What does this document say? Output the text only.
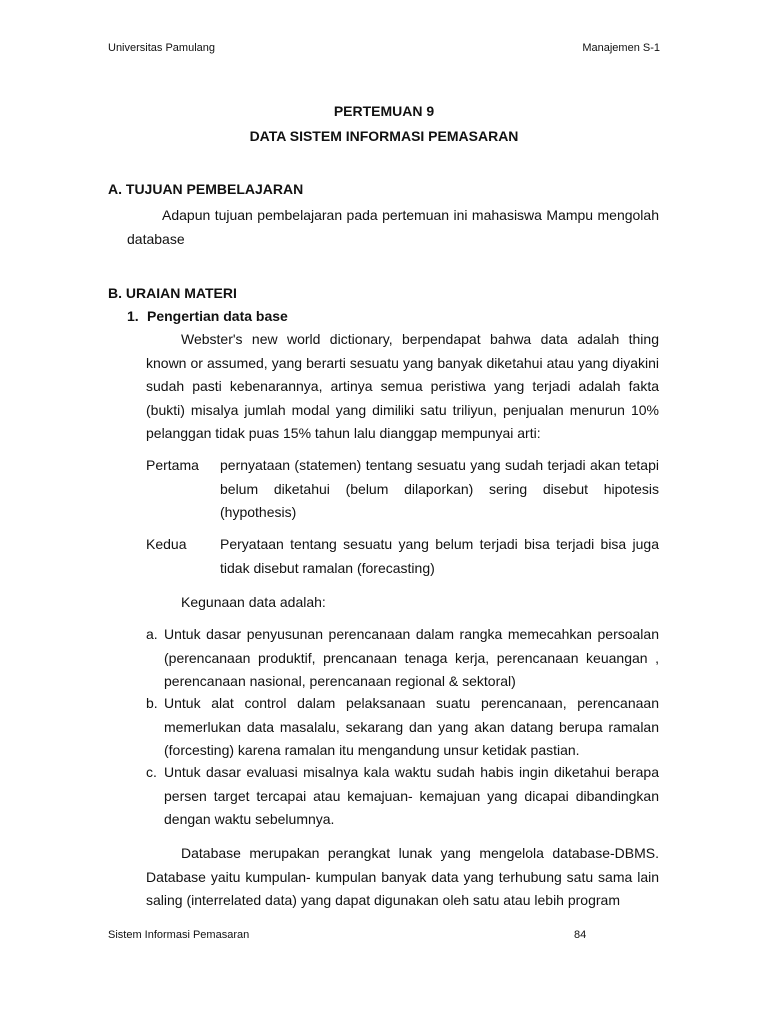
Universitas Pamulang	Manajemen S-1
PERTEMUAN 9
DATA SISTEM INFORMASI PEMASARAN
A. TUJUAN PEMBELAJARAN
Adapun tujuan pembelajaran pada pertemuan ini mahasiswa Mampu mengolah database
B. URAIAN MATERI
1. Pengertian data base
Webster's new world dictionary, berpendapat bahwa data adalah thing known or assumed, yang berarti sesuatu yang banyak diketahui atau yang diyakini sudah pasti kebenarannya, artinya semua peristiwa yang terjadi adalah fakta (bukti) misalya jumlah modal yang dimiliki satu triliyun, penjualan menurun 10% pelanggan tidak puas 15% tahun lalu dianggap mempunyai arti:
Pertama pernyataan (statemen) tentang sesuatu yang sudah terjadi akan tetapi belum diketahui (belum dilaporkan) sering disebut hipotesis (hypothesis)
Kedua Peryataan tentang sesuatu yang belum terjadi bisa terjadi bisa juga tidak disebut ramalan (forecasting)
Kegunaan data adalah:
a. Untuk dasar penyusunan perencanaan dalam rangka memecahkan persoalan (perencanaan produktif, prencanaan tenaga kerja, perencanaan keuangan , perencanaan nasional, perencanaan regional & sektoral)
b. Untuk alat control dalam pelaksanaan suatu perencanaan, perencanaan memerlukan data masalalu, sekarang dan yang akan datang berupa ramalan (forcesting) karena ramalan itu mengandung unsur ketidak pastian.
c. Untuk dasar evaluasi misalnya kala waktu sudah habis ingin diketahui berapa persen target tercapai atau kemajuan- kemajuan yang dicapai dibandingkan dengan waktu sebelumnya.
Database merupakan perangkat lunak yang mengelola database-DBMS. Database yaitu kumpulan- kumpulan banyak data yang terhubung satu sama lain saling (interrelated data) yang dapat digunakan oleh satu atau lebih program
Sistem Informasi Pemasaran	84
